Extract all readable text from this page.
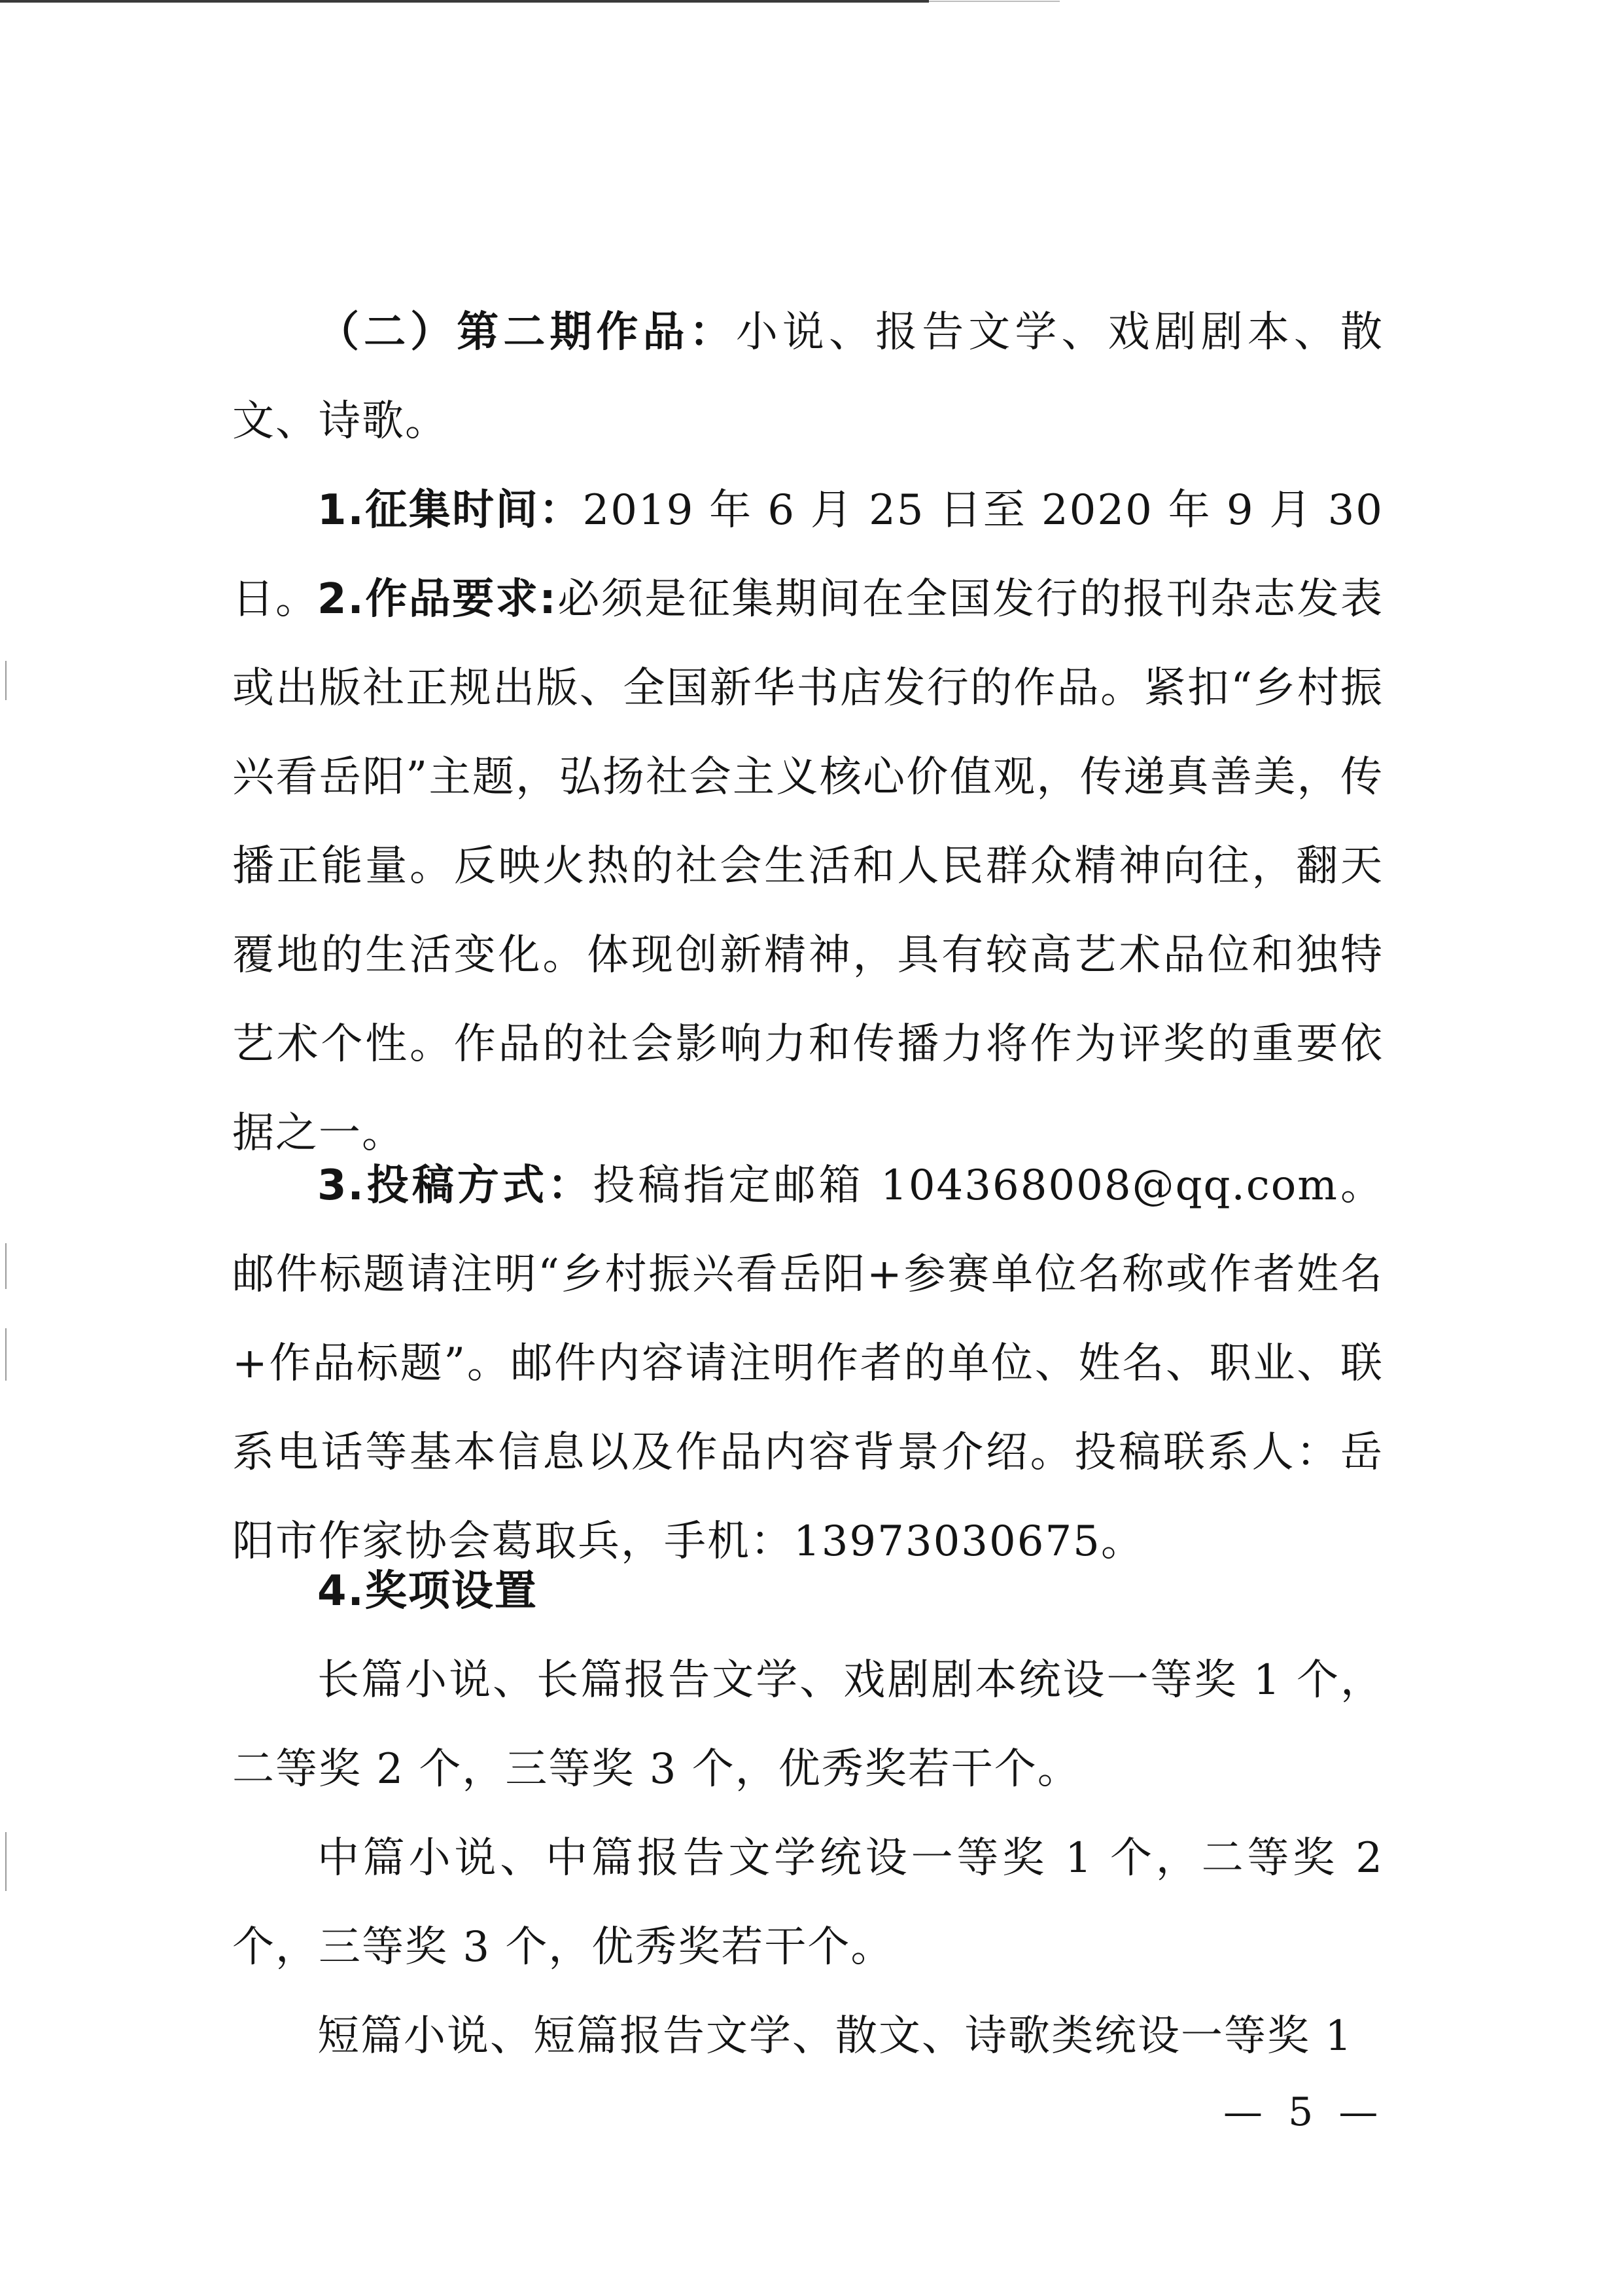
（二）第二期作品：小说、报告文学、戏剧剧本、散文、诗歌。

1.征集时间：2019 年 6 月 25 日至 2020 年 9 月 30 日。

2.作品要求:必须是征集期间在全国发行的报刊杂志发表或出版社正规出版、全国新华书店发行的作品。紧扣“乡村振兴看岳阳”主题，弘扬社会主义核心价值观，传递真善美，传播正能量。反映火热的社会生活和人民群众精神向往，翻天覆地的生活变化。体现创新精神，具有较高艺术品位和独特艺术个性。作品的社会影响力和传播力将作为评奖的重要依据之一。

3.投稿方式：投稿指定邮箱 104368008@qq.com。邮件标题请注明“乡村振兴看岳阳+参赛单位名称或作者姓名+作品标题”。邮件内容请注明作者的单位、姓名、职业、联系电话等基本信息以及作品内容背景介绍。投稿联系人：岳阳市作家协会葛取兵，手机：13973030675。

4.奖项设置

长篇小说、长篇报告文学、戏剧剧本统设一等奖 1 个，二等奖 2 个，三等奖 3 个，优秀奖若干个。

中篇小说、中篇报告文学统设一等奖 1 个，二等奖 2 个，三等奖 3 个，优秀奖若干个。

短篇小说、短篇报告文学、散文、诗歌类统设一等奖 1

— 5 —
